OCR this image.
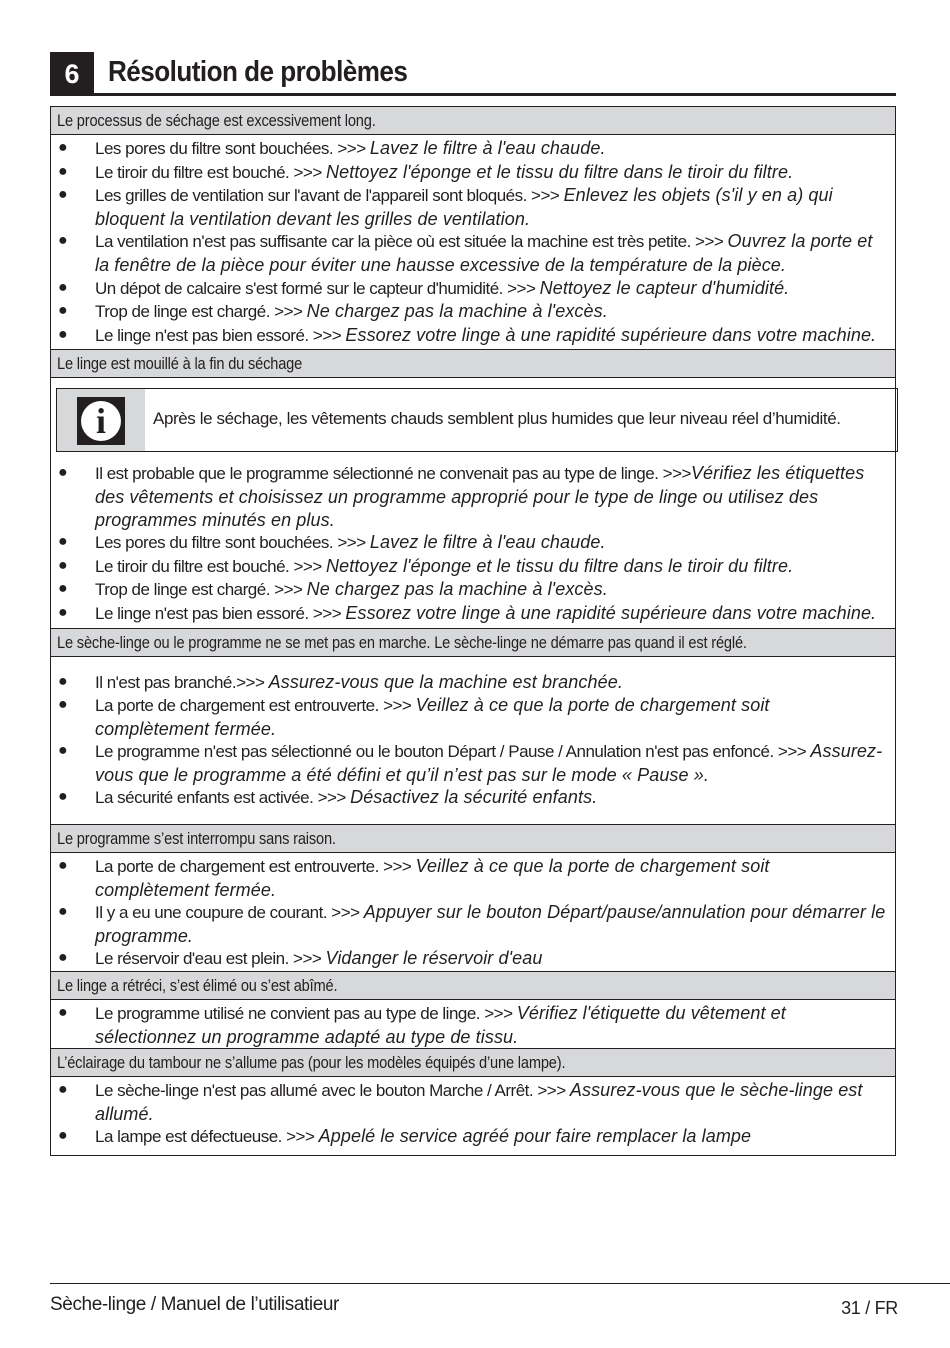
6 Résolution de problèmes
Le processus de séchage est excessivement long.
● Les pores du filtre sont bouchées. >>> Lavez le filtre à l'eau chaude.
● Le tiroir du filtre est bouché. >>> Nettoyez l'éponge et le tissu du filtre dans le tiroir du filtre.
● Les grilles de ventilation sur l'avant de l'appareil sont bloqués. >>> Enlevez les objets (s'il y en a) qui bloquent la ventilation devant les grilles de ventilation.
● La ventilation n'est pas suffisante car la pièce où est située la machine est très petite. >>> Ouvrez la porte et la fenêtre de la pièce pour éviter une hausse excessive de la température de la pièce.
● Un dépot de calcaire s'est formé sur le capteur d'humidité. >>> Nettoyez le capteur d'humidité.
● Trop de linge est chargé. >>> Ne chargez pas la machine à l'excès.
● Le linge n'est pas bien essoré. >>> Essorez votre linge à une rapidité supérieure dans votre machine.
Le linge est mouillé à la fin du séchage
i	Après le séchage, les vêtements chauds semblent plus humides que leur niveau réel d’humidité.
● Il est probable que le programme sélectionné ne convenait pas au type de linge. >>>Vérifiez les étiquettes des vêtements et choisissez un programme approprié pour le type de linge ou utilisez des programmes minutés en plus.
● Les pores du filtre sont bouchées. >>> Lavez le filtre à l'eau chaude.
● Le tiroir du filtre est bouché. >>> Nettoyez l'éponge et le tissu du filtre dans le tiroir du filtre.
● Trop de linge est chargé. >>> Ne chargez pas la machine à l'excès.
● Le linge n'est pas bien essoré. >>> Essorez votre linge à une rapidité supérieure dans votre machine.
Le sèche-linge ou le programme ne se met pas en marche. Le sèche-linge ne démarre pas quand il est réglé.
● Il n'est pas branché.>>> Assurez-vous que la machine est branchée.
● La porte de chargement est entrouverte. >>> Veillez à ce que la porte de chargement soit complètement fermée.
● Le programme n'est pas sélectionné ou le bouton Départ / Pause / Annulation n'est pas enfoncé. >>> Assurez-vous que le programme a été défini et qu’il n’est pas sur le mode « Pause ».
● La sécurité enfants est activée. >>> Désactivez la sécurité enfants.
Le programme s’est interrompu sans raison.
● La porte de chargement est entrouverte. >>> Veillez à ce que la porte de chargement soit complètement fermée.
● Il y a eu une coupure de courant. >>> Appuyer sur le bouton Départ/pause/annulation pour démarrer le programme.
● Le réservoir d'eau est plein. >>> Vidanger le réservoir d'eau
Le linge a rétréci, s’est élimé ou s’est abîmé.
● Le programme utilisé ne convient pas au type de linge. >>> Vérifiez l'étiquette du vêtement et sélectionnez un programme adapté au type de tissu.
L’éclairage du tambour ne s’allume pas (pour les modèles équipés d’une lampe).
● Le sèche-linge n'est pas allumé avec le bouton Marche / Arrêt. >>> Assurez-vous que le sèche-linge est allumé.
● La lampe est défectueuse. >>> Appelé le service agréé pour faire remplacer la lampe
Sèche-linge / Manuel de l’utilisatieur	31 / FR
